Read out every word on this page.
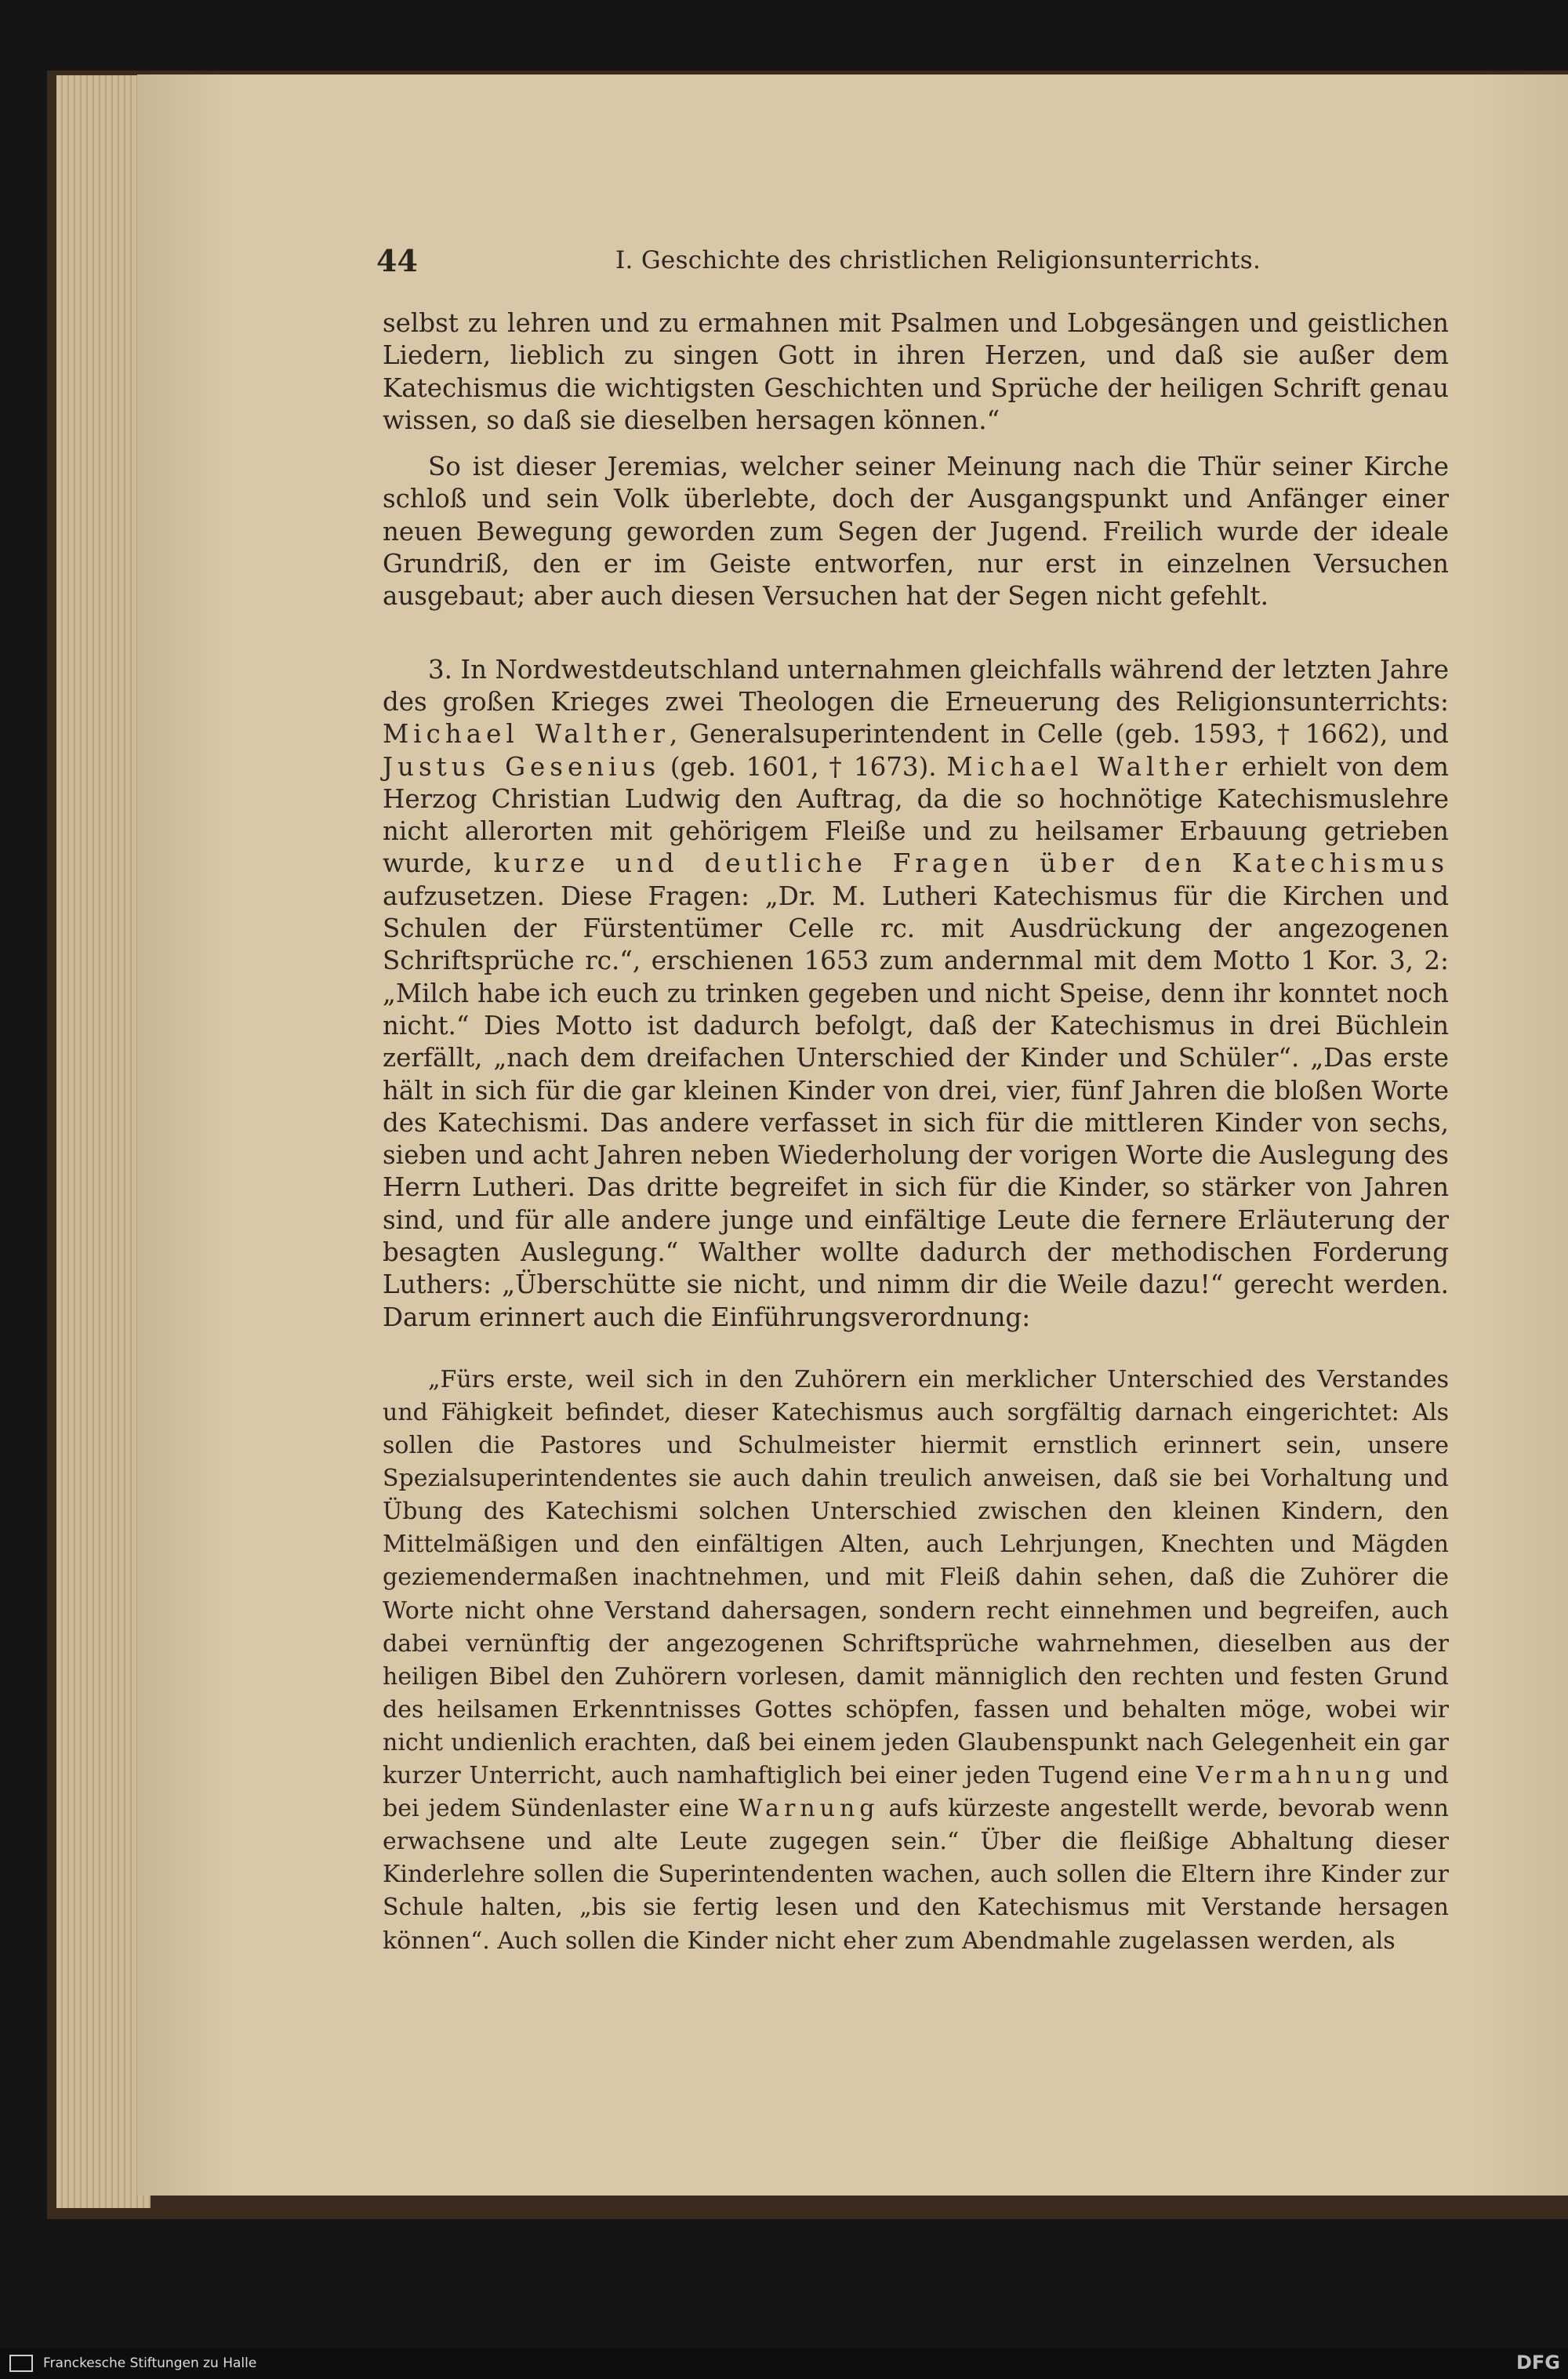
44	I. Geschichte des christlichen Religionsunterrichts.

selbst zu lehren und zu ermahnen mit Psalmen und Lobgesängen und geistlichen Liedern, lieblich zu singen Gott in ihren Herzen, und daß sie außer dem Katechismus die wichtigsten Geschichten und Sprüche der heiligen Schrift genau wissen, so daß sie dieselben hersagen können.“

So ist dieser Jeremias, welcher seiner Meinung nach die Thür seiner Kirche schloß und sein Volk überlebte, doch der Ausgangspunkt und Anfänger einer neuen Bewegung geworden zum Segen der Jugend. Freilich wurde der ideale Grundriß, den er im Geiste entworfen, nur erst in einzelnen Versuchen ausgebaut; aber auch diesen Versuchen hat der Segen nicht gefehlt.

3. In Nordwestdeutschland unternahmen gleichfalls während der letzten Jahre des großen Krieges zwei Theologen die Erneuerung des Religionsunterrichts: Michael Walther, Generalsuperintendent in Celle (geb. 1593, † 1662), und Justus Gesenius (geb. 1601, † 1673). Michael Walther erhielt von dem Herzog Christian Ludwig den Auftrag, da die so hochnötige Katechismuslehre nicht allerorten mit gehörigem Fleiße und zu heilsamer Erbauung getrieben wurde, kurze und deutliche Fragen über den Katechismus aufzusetzen. Diese Fragen: „Dr. M. Lutheri Katechismus für die Kirchen und Schulen der Fürstentümer Celle rc. mit Ausdrückung der angezogenen Schriftsprüche rc.“, erschienen 1653 zum andernmal mit dem Motto 1 Kor. 3, 2: „Milch habe ich euch zu trinken gegeben und nicht Speise, denn ihr konntet noch nicht.“ Dies Motto ist dadurch befolgt, daß der Katechismus in drei Büchlein zerfällt, „nach dem dreifachen Unterschied der Kinder und Schüler“. „Das erste hält in sich für die gar kleinen Kinder von drei, vier, fünf Jahren die bloßen Worte des Katechismi. Das andere verfasset in sich für die mittleren Kinder von sechs, sieben und acht Jahren neben Wiederholung der vorigen Worte die Auslegung des Herrn Lutheri. Das dritte begreifet in sich für die Kinder, so stärker von Jahren sind, und für alle andere junge und einfältige Leute die fernere Erläuterung der besagten Auslegung.“ Walther wollte dadurch der methodischen Forderung Luthers: „Überschütte sie nicht, und nimm dir die Weile dazu!“ gerecht werden. Darum erinnert auch die Einführungsverordnung:

„Fürs erste, weil sich in den Zuhörern ein merklicher Unterschied des Verstandes und Fähigkeit befindet, dieser Katechismus auch sorgfältig darnach eingerichtet: Als sollen die Pastores und Schulmeister hiermit ernstlich erinnert sein, unsere Spezialsuperintendentes sie auch dahin treulich anweisen, daß sie bei Vorhaltung und Übung des Katechismi solchen Unterschied zwischen den kleinen Kindern, den Mittelmäßigen und den einfältigen Alten, auch Lehrjungen, Knechten und Mägden geziemendermaßen inachtnehmen, und mit Fleiß dahin sehen, daß die Zuhörer die Worte nicht ohne Verstand dahersagen, sondern recht einnehmen und begreifen, auch dabei vernünftig der angezogenen Schriftsprüche wahrnehmen, dieselben aus der heiligen Bibel den Zuhörern vorlesen, damit männiglich den rechten und festen Grund des heilsamen Erkenntnisses Gottes schöpfen, fassen und behalten möge, wobei wir nicht undienlich erachten, daß bei einem jeden Glaubenspunkt nach Gelegenheit ein gar kurzer Unterricht, auch namhaftiglich bei einer jeden Tugend eine Vermahnung und bei jedem Sündenlaster eine Warnung aufs kürzeste angestellt werde, bevorab wenn erwachsene und alte Leute zugegen sein.“ Über die fleißige Abhaltung dieser Kinderlehre sollen die Superintendenten wachen, auch sollen die Eltern ihre Kinder zur Schule halten, „bis sie fertig lesen und den Katechismus mit Verstande hersagen können“. Auch sollen die Kinder nicht eher zum Abendmahle zugelassen werden, als

Franckesche Stiftungen zu Halle	DFG
